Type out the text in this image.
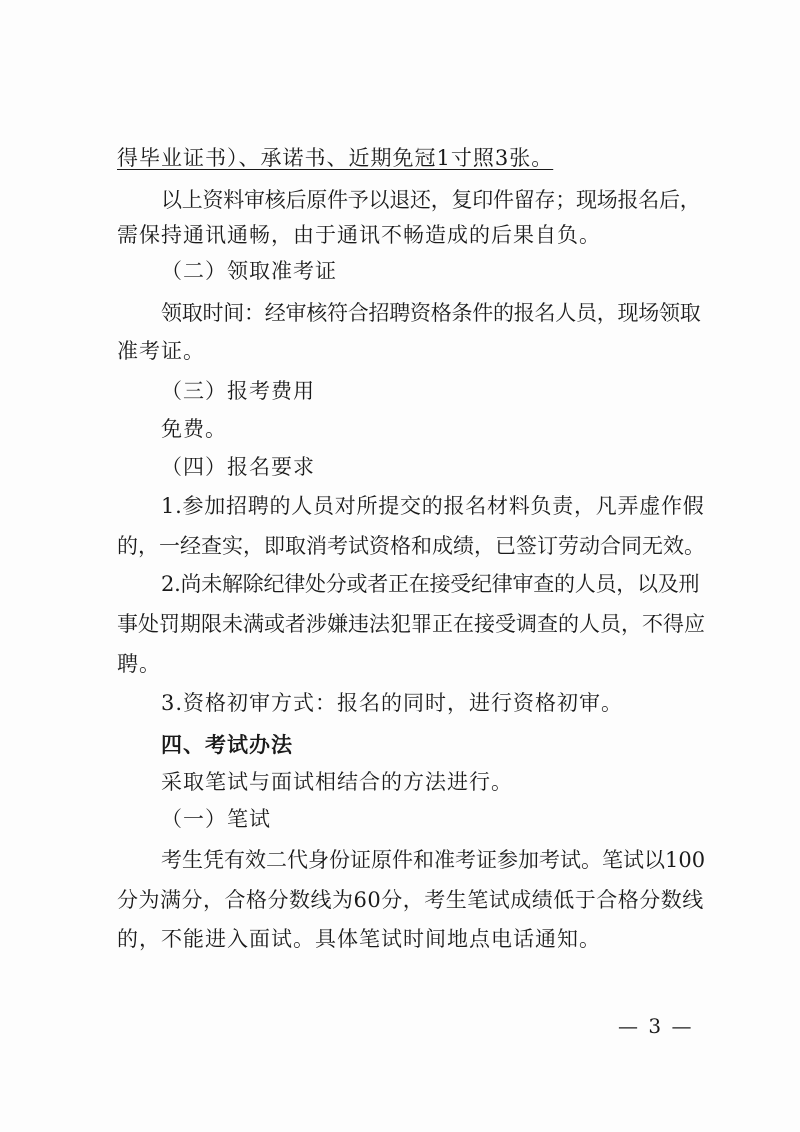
得毕业证书）、承诺书、近期免冠1寸照3张。
以上资料审核后原件予以退还，复印件留存；现场报名后，
需保持通讯通畅，由于通讯不畅造成的后果自负。
（二）领取准考证
领取时间：经审核符合招聘资格条件的报名人员，现场领取
准考证。
（三）报考费用
免费。
（四）报名要求
1.参加招聘的人员对所提交的报名材料负责，凡弄虚作假
的，一经查实，即取消考试资格和成绩，已签订劳动合同无效。
2.尚未解除纪律处分或者正在接受纪律审查的人员，以及刑
事处罚期限未满或者涉嫌违法犯罪正在接受调查的人员，不得应
聘。
3.资格初审方式：报名的同时，进行资格初审。
四、考试办法
采取笔试与面试相结合的方法进行。
（一）笔试
考生凭有效二代身份证原件和准考证参加考试。笔试以100
分为满分，合格分数线为60分，考生笔试成绩低于合格分数线
的，不能进入面试。具体笔试时间地点电话通知。
— 3 —
